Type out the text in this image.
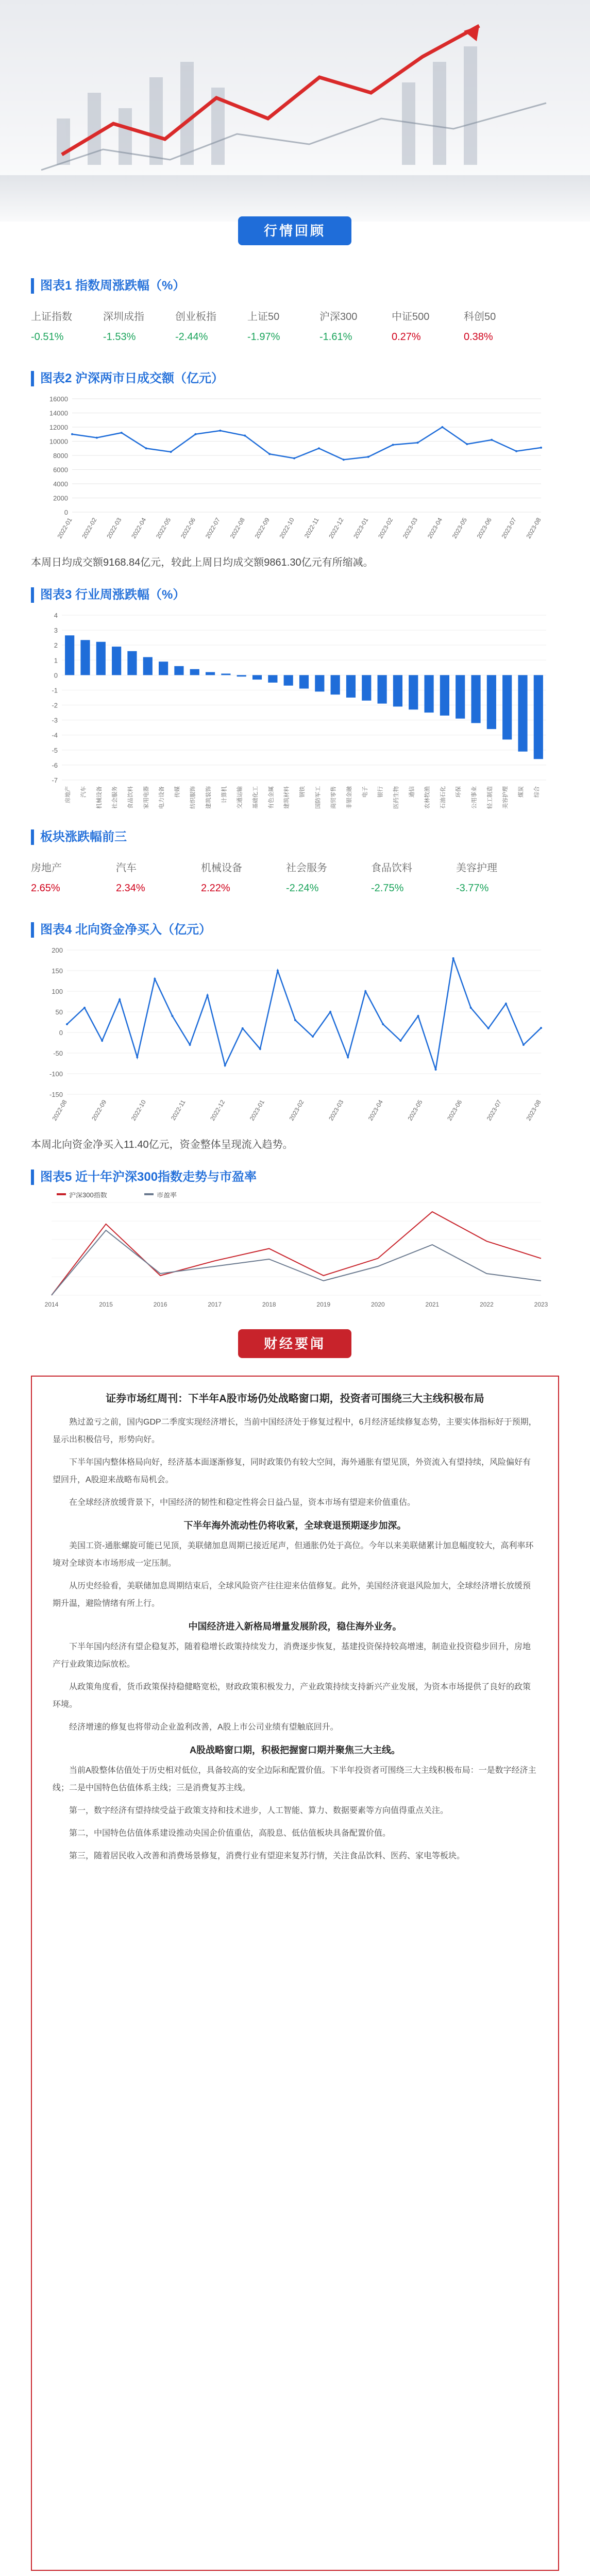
行情回顾
图表1 指数周涨跌幅（%）
上证指数	深圳成指	创业板指	上证50	沪深300	中证500	科创50
-0.51%	-1.53%	-2.44%	-1.97%	-1.61%	0.27%	0.38%
图表2 沪深两市日成交额（亿元）
0
2000
4000
6000
8000
10000
12000
14000
16000
2022-01 2022-02 2022-03 2022-04 2022-05 2022-06 2022-07 2022-08 2022-09 2022-10 2022-11 2022-12 2023-01 2023-02 2023-03 2023-04 2023-05 2023-06 2023-07 2023-08
本周日均成交额9168.84亿元，较此上周日均成交额9861.30亿元有所缩减。
图表3 行业周涨跌幅（%）
4
3
2
1
0
-1
-2
-3
-4
-5
-6
-7
房地产 汽车 机械设备 社会服务 食品饮料 家用电器 电力设备 传媒 纺织服饰 建筑装饰 计算机 交通运输 基础化工 有色金属 建筑材料 钢铁 国防军工 商贸零售 非银金融 电子 银行 医药生物 通信 农林牧渔 石油石化 环保 公用事业 轻工制造 美容护理 煤炭 综合
板块涨跌幅前三
房地产	汽车	机械设备	社会服务	食品饮料	美容护理
2.65%	2.34%	2.22%	-2.24%	-2.75%	-3.77%
图表4 北向资金净买入（亿元）
200
150
100
50
0
-50
-100
-150
2022-08	2022-09	2022-10	2022-11	2022-12	2023-01	2023-02	2023-03	2023-04	2023-05	2023-06	2023-07	2023-08
本周北向资金净买入11.40亿元，资金整体呈现流入趋势。
图表5 近十年沪深300指数走势与市盈率
2014	2015	2016	2017	2018	2019	2020	2021	2022	2023
沪深300指数	市盈率
财经要闻
证券市场红周刊：下半年A股市场仍处战略窗口期，投资者可围绕三大主线积极布局

熟过盈亏之前，国内GDP二季度实现经济增长，当前中国经济处于修复过程中，6月经济延续修复态势，主要实体指标好于预期，显示出积极信号，形势向好。

下半年国内整体格局向好，经济基本面逐渐修复，同时政策仍有较大空间，海外通胀有望见顶，外资流入有望持续，风险偏好有望回升，A股迎来战略布局机会。

在全球经济放缓背景下，中国经济的韧性和稳定性将会日益凸显，资本市场有望迎来价值重估。

下半年海外流动性仍将收紧，全球衰退预期逐步加深。

美国工资-通胀螺旋可能已见顶，美联储加息周期已接近尾声，但通胀仍处于高位。今年以来美联储累计加息幅度较大，高利率环境对全球资本市场形成一定压制。

从历史经验看，美联储加息周期结束后，全球风险资产往往迎来估值修复。此外，美国经济衰退风险加大，全球经济增长放缓预期升温，避险情绪有所上行。

中国经济进入新格局增量发展阶段，稳住海外业务。

下半年国内经济有望企稳复苏，随着稳增长政策持续发力，消费逐步恢复，基建投资保持较高增速，制造业投资稳步回升，房地产行业政策边际放松。

从政策角度看，货币政策保持稳健略宽松，财政政策积极发力，产业政策持续支持新兴产业发展，为资本市场提供了良好的政策环境。

经济增速的修复也将带动企业盈利改善，A股上市公司业绩有望触底回升。

A股战略窗口期，积极把握窗口期并聚焦三大主线。

当前A股整体估值处于历史相对低位，具备较高的安全边际和配置价值。下半年投资者可围绕三大主线积极布局：一是数字经济主线；二是中国特色估值体系主线；三是消费复苏主线。

第一，数字经济有望持续受益于政策支持和技术进步，人工智能、算力、数据要素等方向值得重点关注。

第二，中国特色估值体系建设推动央国企价值重估，高股息、低估值板块具备配置价值。

第三，随着居民收入改善和消费场景修复，消费行业有望迎来复苏行情，关注食品饮料、医药、家电等板块。
